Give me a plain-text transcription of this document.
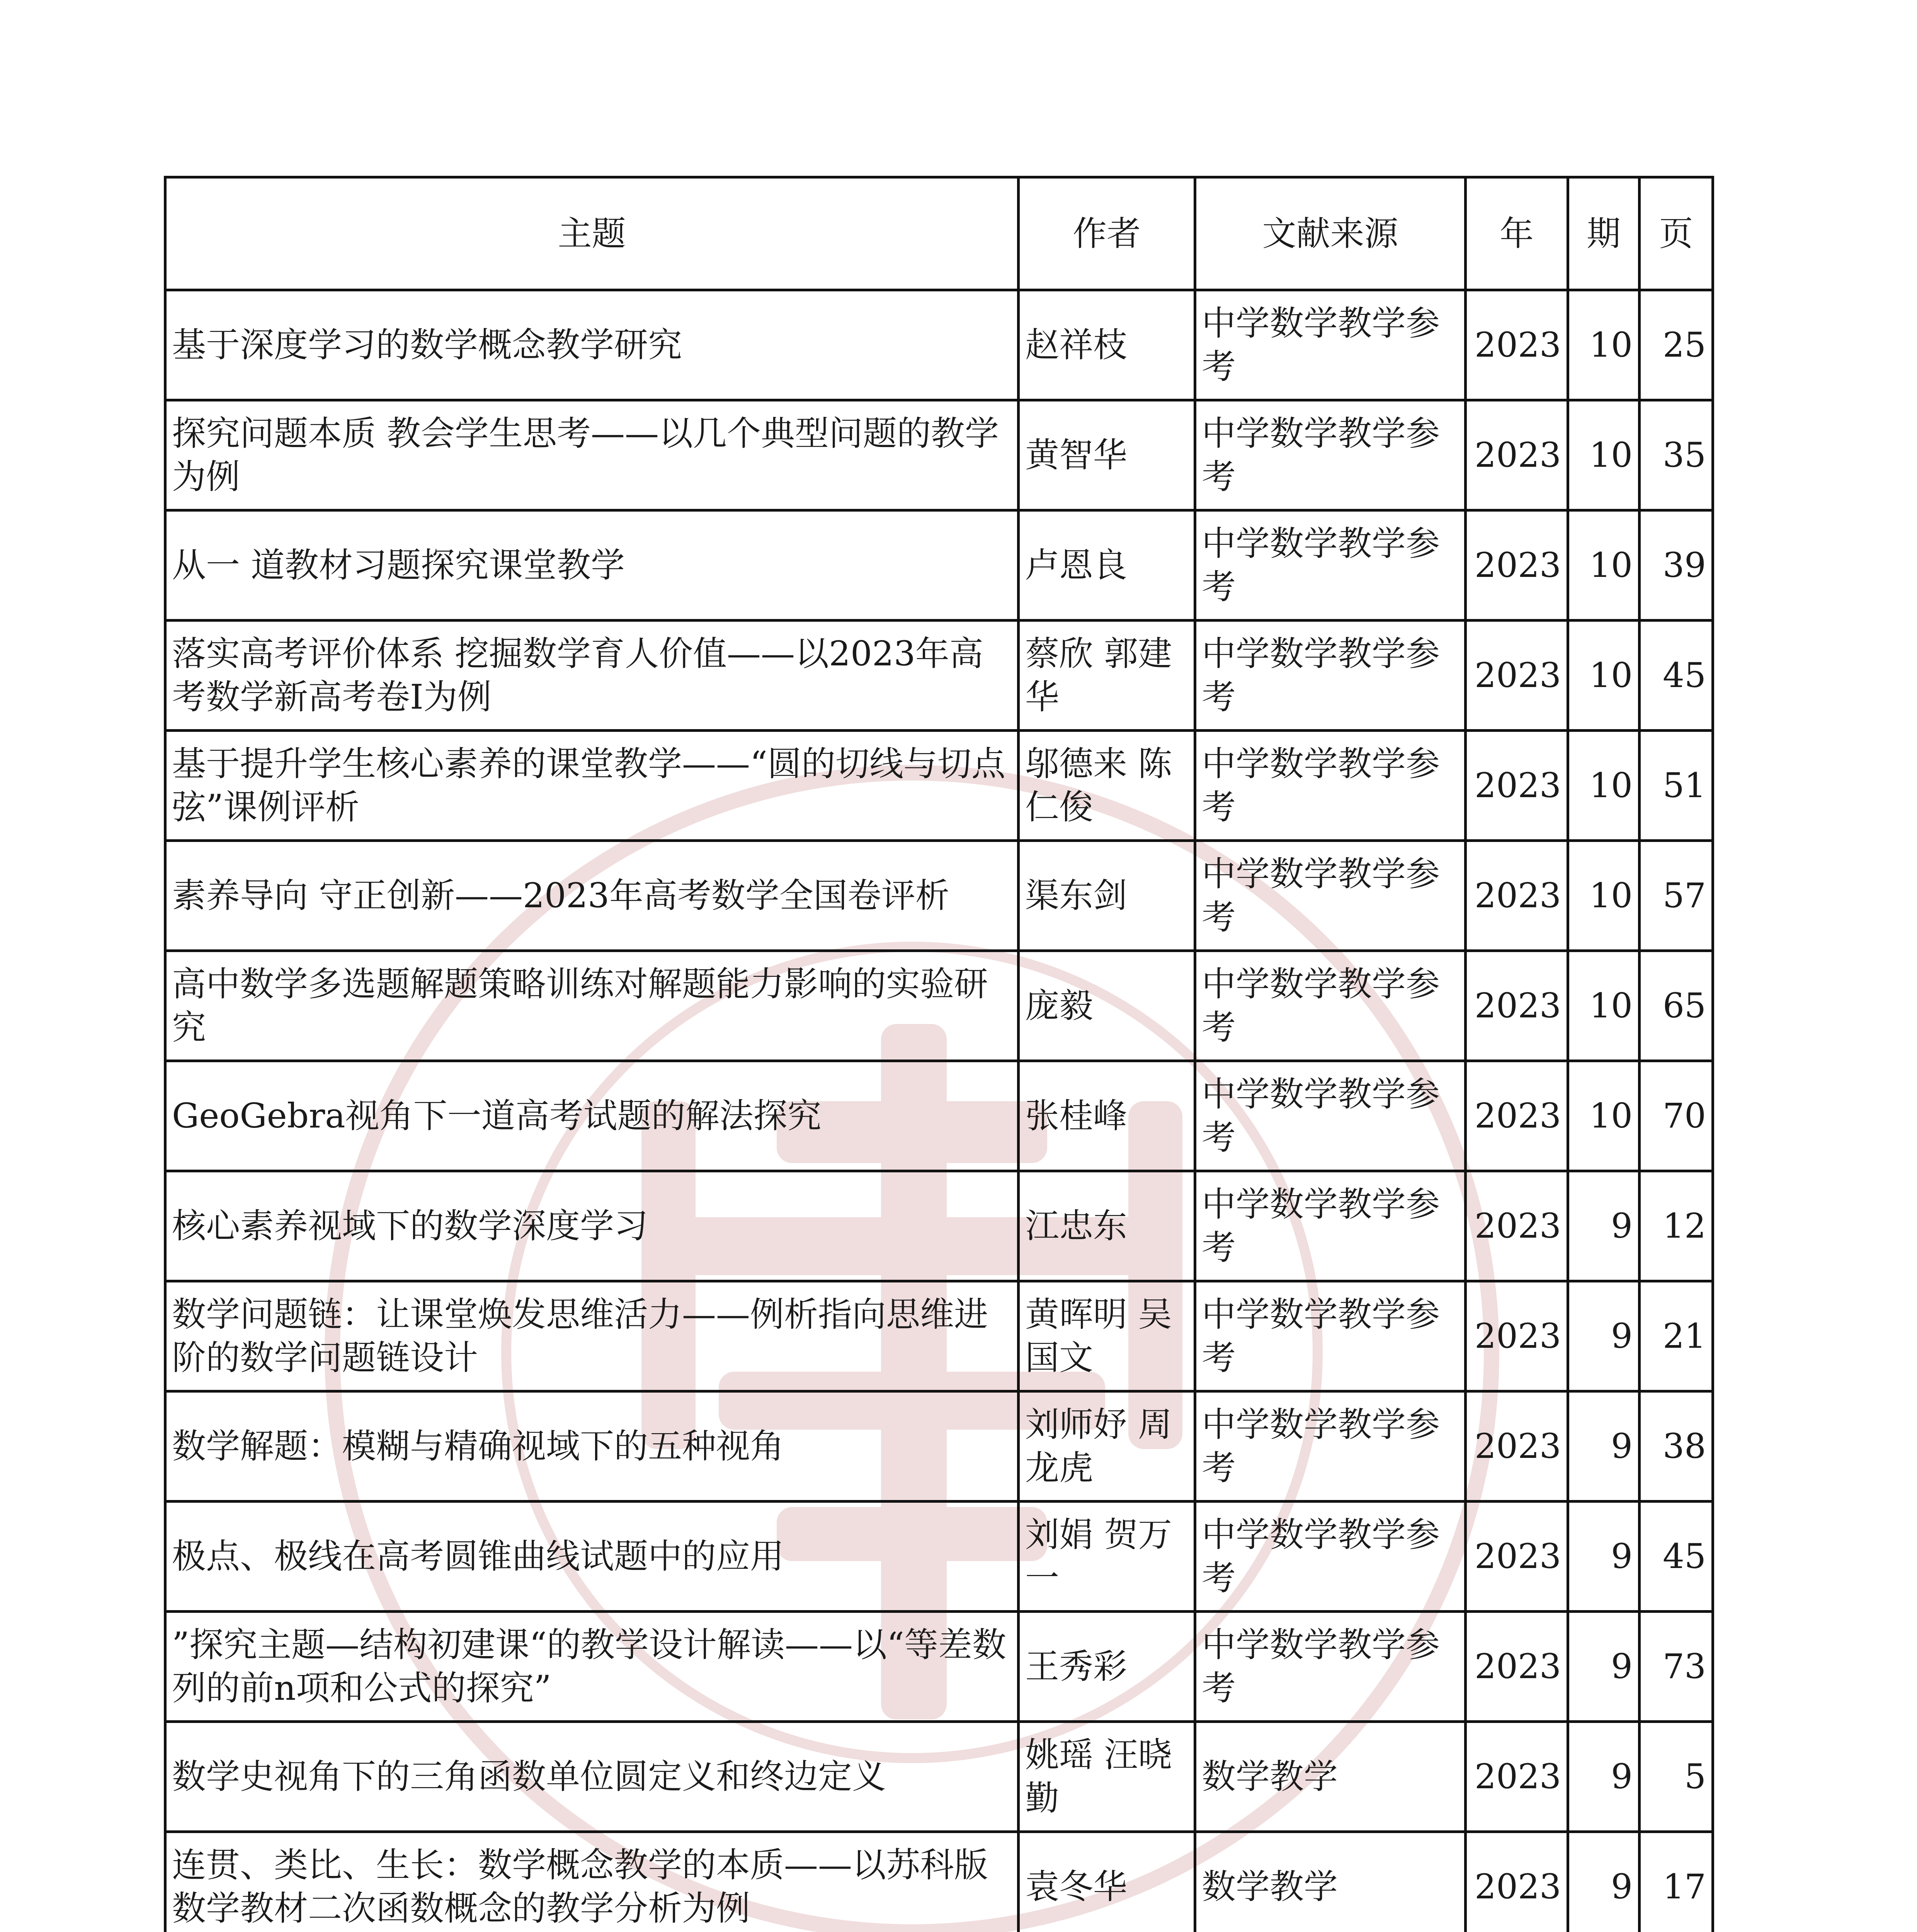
主题	作者	文献来源	年	期	页
基于深度学习的数学概念教学研究	赵祥枝	中学数学教学参考	2023	10	25
探究问题本质 教会学生思考——以几个典型问题的教学为例	黄智华	中学数学教学参考	2023	10	35
从一 道教材习题探究课堂教学	卢恩良	中学数学教学参考	2023	10	39
落实高考评价体系 挖掘数学育人价值——以2023年高考数学新高考卷I为例	蔡欣 郭建华	中学数学教学参考	2023	10	45
基于提升学生核心素养的课堂教学——“圆的切线与切点弦”课例评析	邬德来 陈仁俊	中学数学教学参考	2023	10	51
素养导向 守正创新——2023年高考数学全国卷评析	渠东剑	中学数学教学参考	2023	10	57
高中数学多选题解题策略训练对解题能力影响的实验研究	庞毅	中学数学教学参考	2023	10	65
GeoGebra视角下一道高考试题的解法探究	张桂峰	中学数学教学参考	2023	10	70
核心素养视域下的数学深度学习	江忠东	中学数学教学参考	2023	9	12
数学问题链：让课堂焕发思维活力——例析指向思维进阶的数学问题链设计	黄晖明 吴国文	中学数学教学参考	2023	9	21
数学解题：模糊与精确视域下的五种视角	刘师妤 周龙虎	中学数学教学参考	2023	9	38
极点、极线在高考圆锥曲线试题中的应用	刘娟 贺万一	中学数学教学参考	2023	9	45
”探究主题—结构初建课“的教学设计解读——以“等差数列的前n项和公式的探究”	王秀彩	中学数学教学参考	2023	9	73
数学史视角下的三角函数单位圆定义和终边定义	姚瑶 汪晓勤	数学教学	2023	9	5
连贯、类比、生长：数学概念教学的本质——以苏科版数学教材二次函数概念的教学分析为例	袁冬华	数学教学	2023	9	17
